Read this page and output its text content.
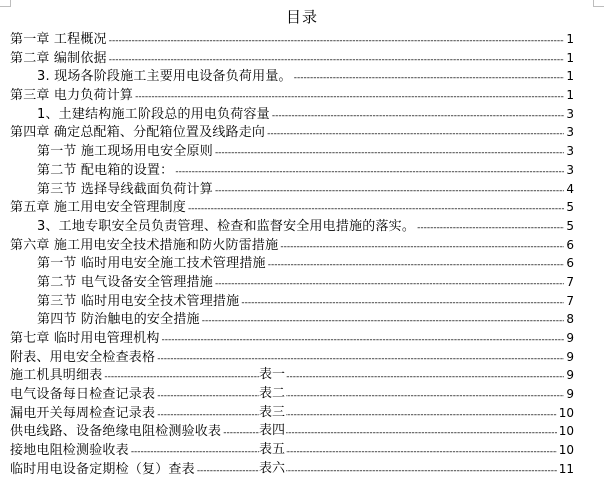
目录
第一章 工程概况 -----	1
第二章 编制依据 -----	1
3. 现场各阶段施工主要用电设备负荷用量。 -----	1
第三章 电力负荷计算 -----	1
1、土建结构施工阶段总的用电负荷容量 -----	3
第四章 确定总配箱、分配箱位置及线路走向 -----	3
第一节 施工现场用电安全原则 -----	3
第二节 配电箱的设置： -----	3
第三节 选择导线截面负荷计算 -----	4
第五章 施工用电安全管理制度 -----	5
3、工地专职安全员负责管理、检查和监督安全用电措施的落实。 -----	5
第六章 施工用电安全技术措施和防火防雷措施 -----	6
第一节 临时用电安全施工技术管理措施 -----	6
第二节 电气设备安全管理措施 -----	7
第三节 临时用电安全技术管理措施 -----	7
第四节 防治触电的安全措施 -----	8
第七章 临时用电管理机构 -----	9
附表、用电安全检查表格 -----	9
施工机具明细表	表一 -----	9
电气设备每日检查记录表	表二 -----	9
漏电开关每周检查记录表	表三 -----	10
供电线路、设备绝缘电阻检测验收表	表四 -----	10
接地电阻检测验收表	表五 -----	10
临时用电设备定期检（复）查表	表六 -----	11
